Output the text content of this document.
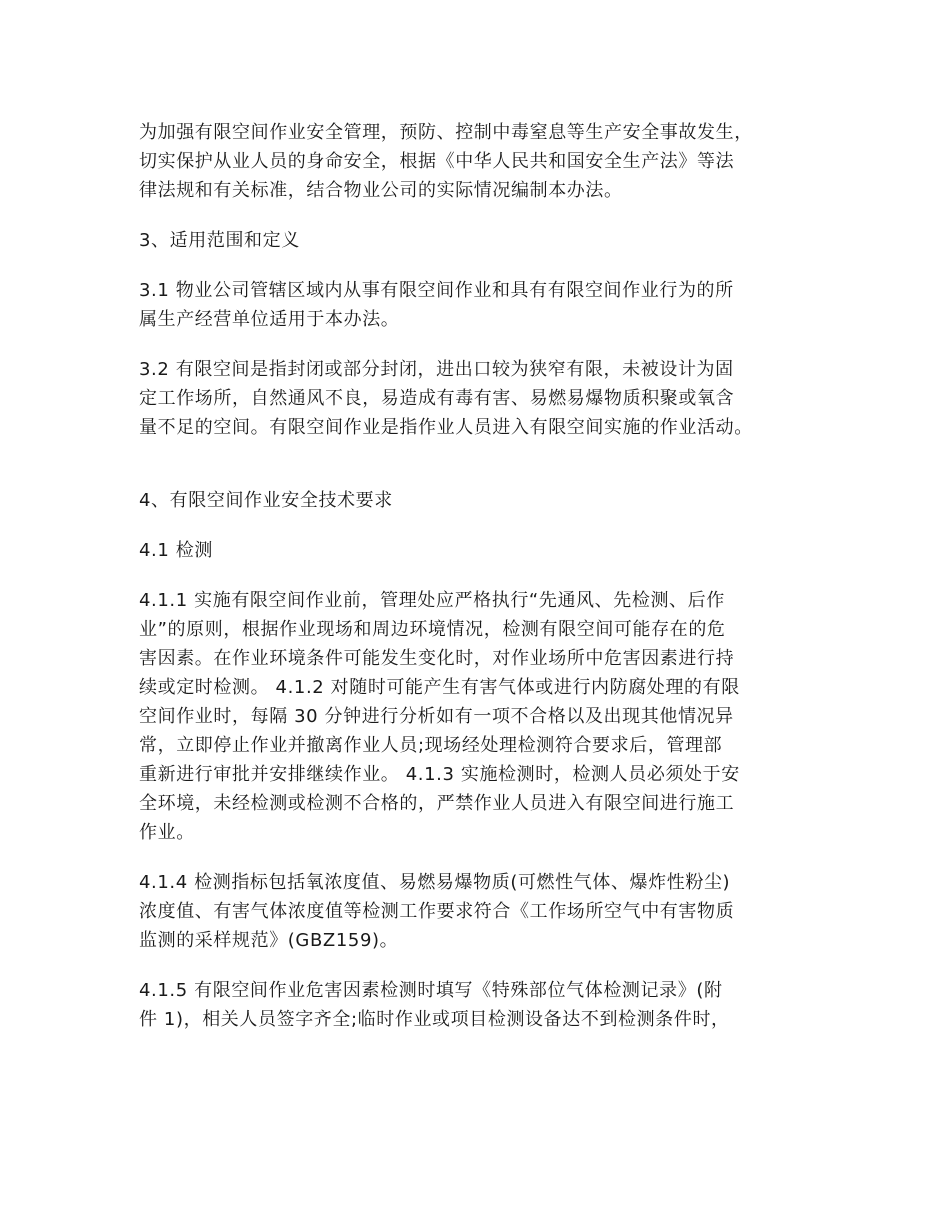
为加强有限空间作业安全管理，预防、控制中毒窒息等生产安全事故发生，
切实保护从业人员的身命安全，根据《中华人民共和国安全生产法》等法
律法规和有关标准，结合物业公司的实际情况编制本办法。
3、适用范围和定义
3.1 物业公司管辖区域内从事有限空间作业和具有有限空间作业行为的所
属生产经营单位适用于本办法。
3.2 有限空间是指封闭或部分封闭，进出口较为狭窄有限，未被设计为固
定工作场所，自然通风不良，易造成有毒有害、易燃易爆物质积聚或氧含
量不足的空间。有限空间作业是指作业人员进入有限空间实施的作业活动。
4、有限空间作业安全技术要求
4.1 检测
4.1.1 实施有限空间作业前，管理处应严格执行“先通风、先检测、后作
业”的原则，根据作业现场和周边环境情况，检测有限空间可能存在的危
害因素。在作业环境条件可能发生变化时，对作业场所中危害因素进行持
续或定时检测。 4.1.2 对随时可能产生有害气体或进行内防腐处理的有限
空间作业时，每隔 30 分钟进行分析如有一项不合格以及出现其他情况异
常，立即停止作业并撤离作业人员;现场经处理检测符合要求后，管理部
重新进行审批并安排继续作业。 4.1.3 实施检测时，检测人员必须处于安
全环境，未经检测或检测不合格的，严禁作业人员进入有限空间进行施工
作业。
4.1.4 检测指标包括氧浓度值、易燃易爆物质(可燃性气体、爆炸性粉尘)
浓度值、有害气体浓度值等检测工作要求符合《工作场所空气中有害物质
监测的采样规范》(GBZ159)。
4.1.5 有限空间作业危害因素检测时填写《特殊部位气体检测记录》(附
件 1)，相关人员签字齐全;临时作业或项目检测设备达不到检测条件时，
